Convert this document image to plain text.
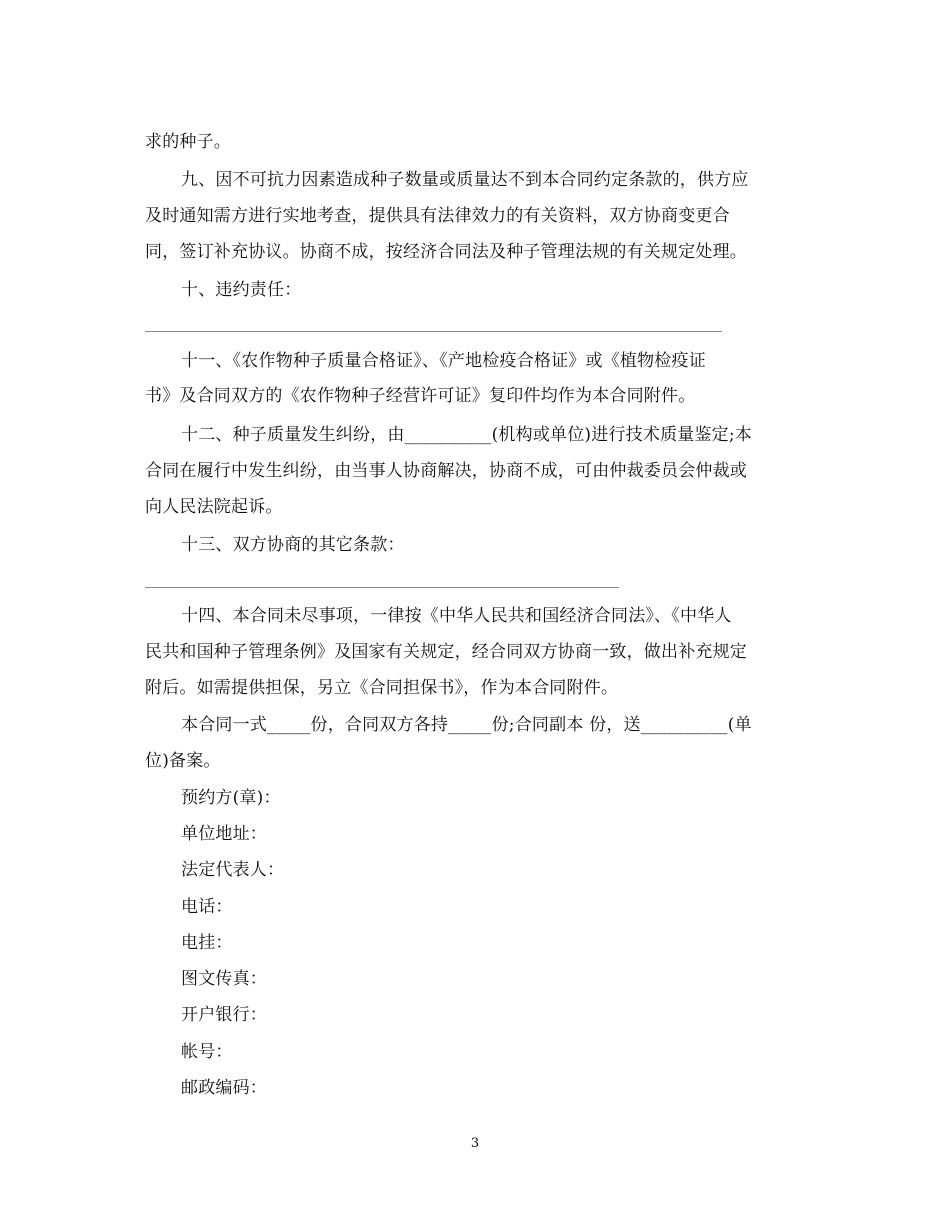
求的种子。
九、因不可抗力因素造成种子数量或质量达不到本合同约定条款的，供方应
及时通知需方进行实地考查，提供具有法律效力的有关资料，双方协商变更合
同，签订补充协议。协商不成，按经济合同法及种子管理法规的有关规定处理。
十、违约责任：
十一、《农作物种子质量合格证》、《产地检疫合格证》或《植物检疫证
书》及合同双方的《农作物种子经营许可证》复印件均作为本合同附件。
十二、种子质量发生纠纷，由__________(机构或单位)进行技术质量鉴定;本
合同在履行中发生纠纷，由当事人协商解决，协商不成，可由仲裁委员会仲裁或
向人民法院起诉。
十三、双方协商的其它条款：
十四、本合同未尽事项，一律按《中华人民共和国经济合同法》、《中华人
民共和国种子管理条例》及国家有关规定，经合同双方协商一致，做出补充规定
附后。如需提供担保，另立《合同担保书》，作为本合同附件。
本合同一式_____份，合同双方各持_____份;合同副本 份，送__________(单
位)备案。
预约方(章)：
单位地址：
法定代表人：
电话：
电挂：
图文传真：
开户银行：
帐号：
邮政编码：
3
